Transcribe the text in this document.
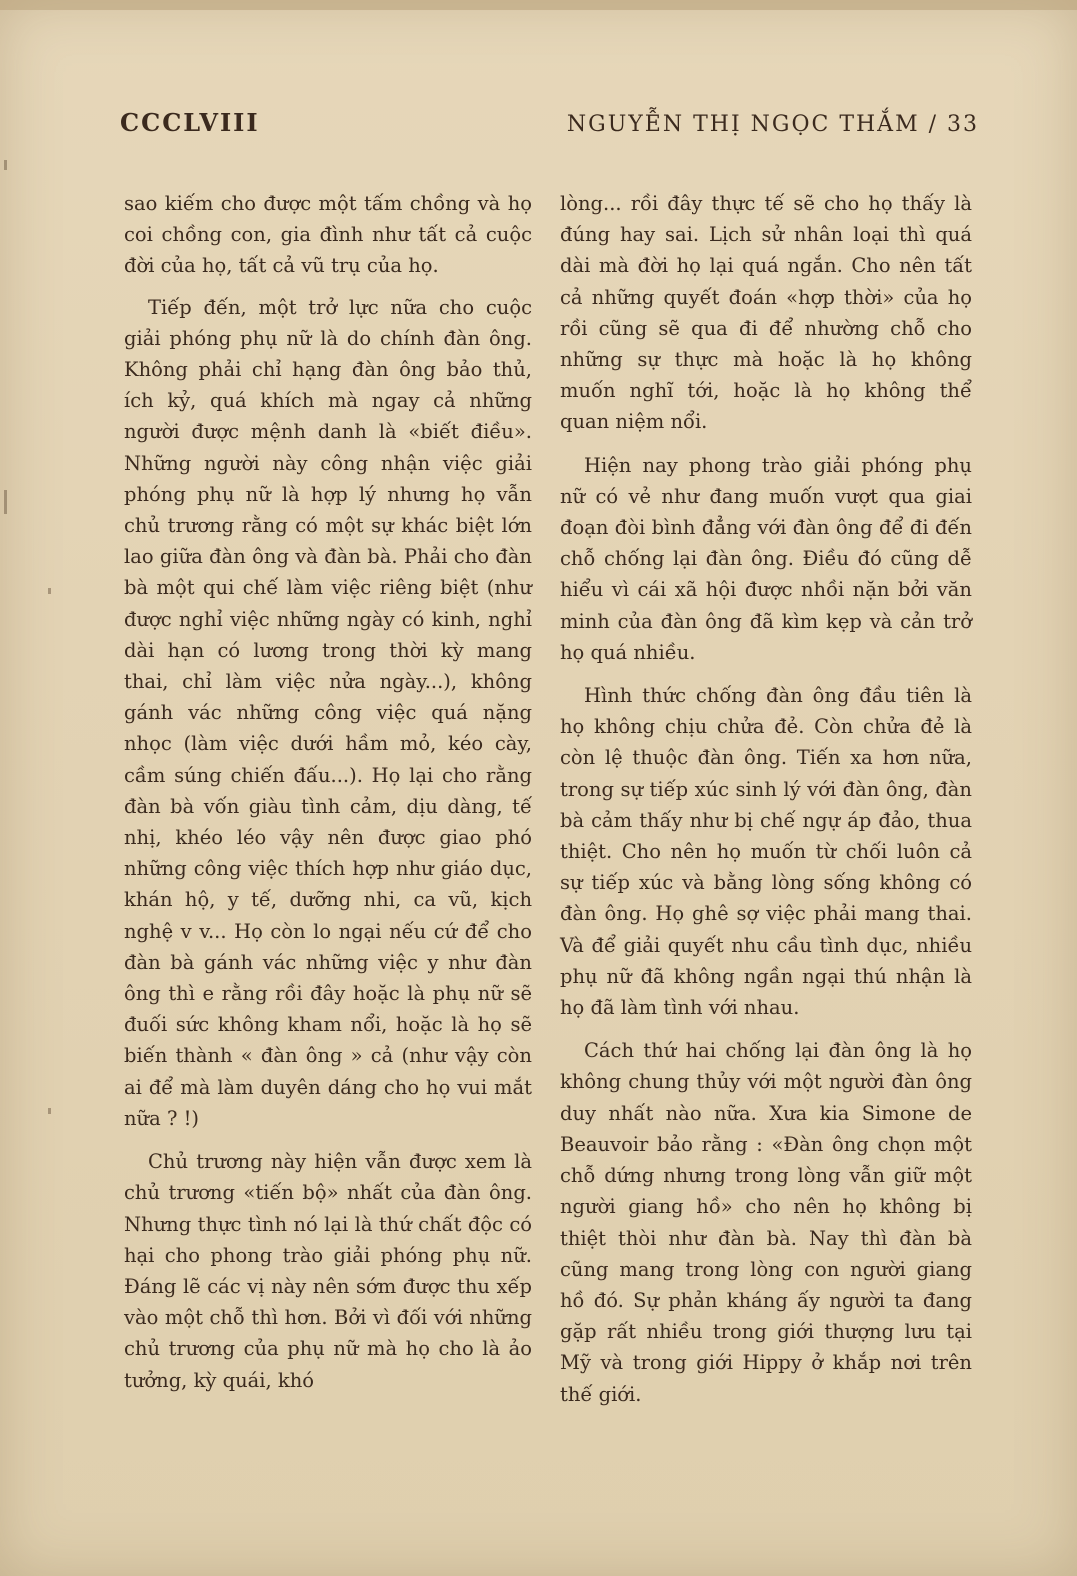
CCCLVIII	NGUYỄN THỊ NGỌC THẮM / 33

sao kiếm cho được một tấm chồng và họ coi chồng con, gia đình như tất cả cuộc đời của họ, tất cả vũ trụ của họ.

Tiếp đến, một trở lực nữa cho cuộc giải phóng phụ nữ là do chính đàn ông. Không phải chỉ hạng đàn ông bảo thủ, ích kỷ, quá khích mà ngay cả những người được mệnh danh là «biết điều». Những người này công nhận việc giải phóng phụ nữ là hợp lý nhưng họ vẫn chủ trương rằng có một sự khác biệt lớn lao giữa đàn ông và đàn bà. Phải cho đàn bà một qui chế làm việc riêng biệt (như được nghỉ việc những ngày có kinh, nghỉ dài hạn có lương trong thời kỳ mang thai, chỉ làm việc nửa ngày...), không gánh vác những công việc quá nặng nhọc (làm việc dưới hầm mỏ, kéo cày, cầm súng chiến đấu...). Họ lại cho rằng đàn bà vốn giàu tình cảm, dịu dàng, tế nhị, khéo léo vậy nên được giao phó những công việc thích hợp như giáo dục, khán hộ, y tế, dưỡng nhi, ca vũ, kịch nghệ v v... Họ còn lo ngại nếu cứ để cho đàn bà gánh vác những việc y như đàn ông thì e rằng rồi đây hoặc là phụ nữ sẽ đuối sức không kham nổi, hoặc là họ sẽ biến thành « đàn ông » cả (như vậy còn ai để mà làm duyên dáng cho họ vui mắt nữa ? !)

Chủ trương này hiện vẫn được xem là chủ trương «tiến bộ» nhất của đàn ông. Nhưng thực tình nó lại là thứ chất độc có hại cho phong trào giải phóng phụ nữ. Đáng lẽ các vị này nên sớm được thu xếp vào một chỗ thì hơn. Bởi vì đối với những chủ trương của phụ nữ mà họ cho là ảo tưởng, kỳ quái, khó

lòng... rồi đây thực tế sẽ cho họ thấy là đúng hay sai. Lịch sử nhân loại thì quá dài mà đời họ lại quá ngắn. Cho nên tất cả những quyết đoán «hợp thời» của họ rồi cũng sẽ qua đi để nhường chỗ cho những sự thực mà hoặc là họ không muốn nghĩ tới, hoặc là họ không thể quan niệm nổi.

Hiện nay phong trào giải phóng phụ nữ có vẻ như đang muốn vượt qua giai đoạn đòi bình đẳng với đàn ông để đi đến chỗ chống lại đàn ông. Điều đó cũng dễ hiểu vì cái xã hội được nhồi nặn bởi văn minh của đàn ông đã kìm kẹp và cản trở họ quá nhiều.

Hình thức chống đàn ông đầu tiên là họ không chịu chửa đẻ. Còn chửa đẻ là còn lệ thuộc đàn ông. Tiến xa hơn nữa, trong sự tiếp xúc sinh lý với đàn ông, đàn bà cảm thấy như bị chế ngự áp đảo, thua thiệt. Cho nên họ muốn từ chối luôn cả sự tiếp xúc và bằng lòng sống không có đàn ông. Họ ghê sợ việc phải mang thai. Và để giải quyết nhu cầu tình dục, nhiều phụ nữ đã không ngần ngại thú nhận là họ đã làm tình với nhau.

Cách thứ hai chống lại đàn ông là họ không chung thủy với một người đàn ông duy nhất nào nữa. Xưa kia Simone de Beauvoir bảo rằng : «Đàn ông chọn một chỗ dứng nhưng trong lòng vẫn giữ một người giang hồ» cho nên họ không bị thiệt thòi như đàn bà. Nay thì đàn bà cũng mang trong lòng con người giang hồ đó. Sự phản kháng ấy người ta đang gặp rất nhiều trong giới thượng lưu tại Mỹ và trong giới Hippy ở khắp nơi trên thế giới.
